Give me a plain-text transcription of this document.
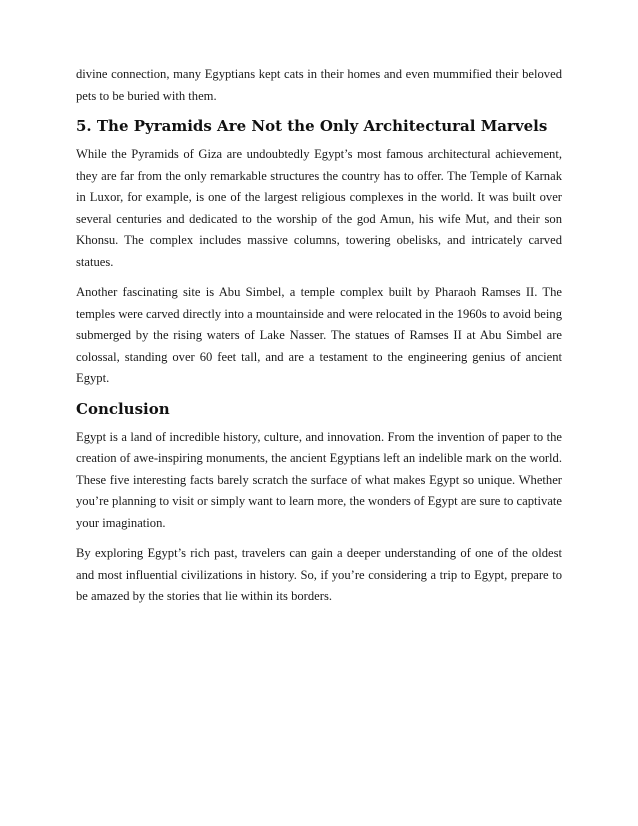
divine connection, many Egyptians kept cats in their homes and even mummified their beloved pets to be buried with them.

5. The Pyramids Are Not the Only Architectural Marvels

While the Pyramids of Giza are undoubtedly Egypt’s most famous architectural achievement, they are far from the only remarkable structures the country has to offer. The Temple of Karnak in Luxor, for example, is one of the largest religious complexes in the world. It was built over several centuries and dedicated to the worship of the god Amun, his wife Mut, and their son Khonsu. The complex includes massive columns, towering obelisks, and intricately carved statues.

Another fascinating site is Abu Simbel, a temple complex built by Pharaoh Ramses II. The temples were carved directly into a mountainside and were relocated in the 1960s to avoid being submerged by the rising waters of Lake Nasser. The statues of Ramses II at Abu Simbel are colossal, standing over 60 feet tall, and are a testament to the engineering genius of ancient Egypt.

Conclusion

Egypt is a land of incredible history, culture, and innovation. From the invention of paper to the creation of awe-inspiring monuments, the ancient Egyptians left an indelible mark on the world. These five interesting facts barely scratch the surface of what makes Egypt so unique. Whether you’re planning to visit or simply want to learn more, the wonders of Egypt are sure to captivate your imagination.

By exploring Egypt’s rich past, travelers can gain a deeper understanding of one of the oldest and most influential civilizations in history. So, if you’re considering a trip to Egypt, prepare to be amazed by the stories that lie within its borders.
